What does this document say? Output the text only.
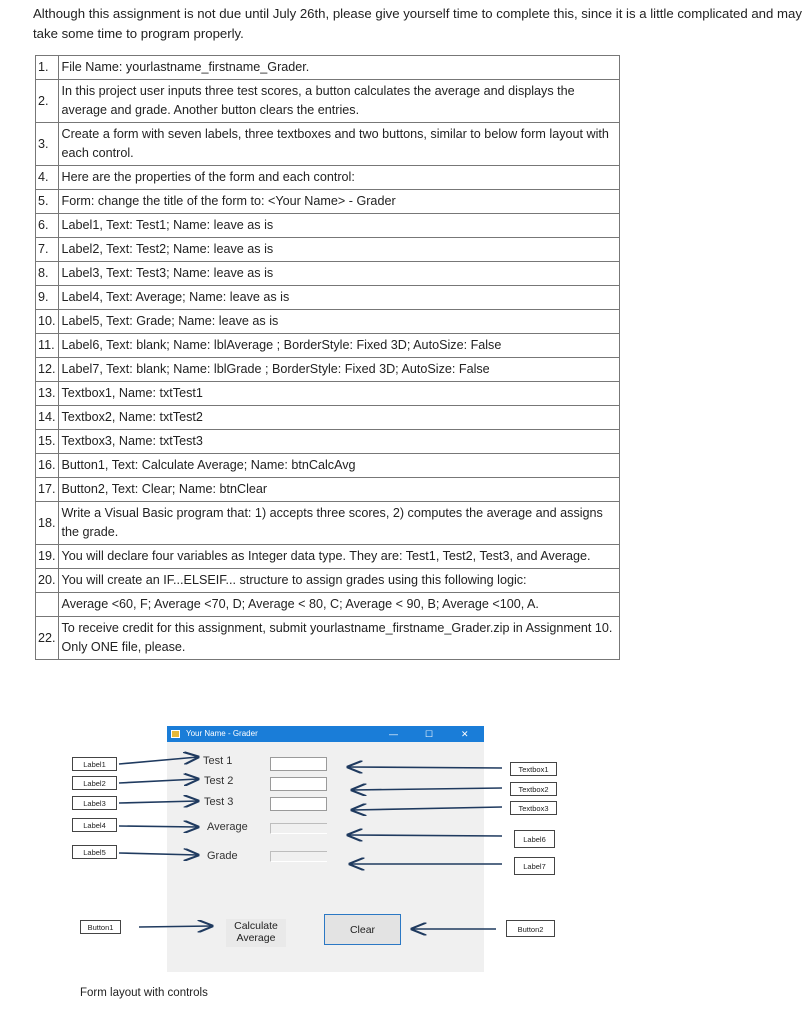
Although this assignment is not due until July 26th, please give yourself time to complete this, since it is a little complicated and may take some time to program properly.
1.	File Name: yourlastname_firstname_Grader.
2.	In this project user inputs three test scores, a button calculates the average and displays the average and grade. Another button clears the entries.
3.	Create a form with seven labels, three textboxes and two buttons, similar to below form layout with each control.
4.	Here are the properties of the form and each control:
5.	Form: change the title of the form to: <Your Name> - Grader
6.	Label1, Text: Test1; Name: leave as is
7.	Label2, Text: Test2; Name: leave as is
8.	Label3, Text: Test3; Name: leave as is
9.	Label4, Text: Average; Name: leave as is
10.	Label5, Text: Grade; Name: leave as is
11.	Label6, Text: blank; Name: lblAverage ; BorderStyle: Fixed 3D; AutoSize: False
12.	Label7, Text: blank; Name: lblGrade ; BorderStyle: Fixed 3D; AutoSize: False
13.	Textbox1, Name: txtTest1
14.	Textbox2, Name: txtTest2
15.	Textbox3, Name: txtTest3
16.	Button1, Text: Calculate Average; Name: btnCalcAvg
17.	Button2, Text: Clear; Name: btnClear
18.	Write a Visual Basic program that: 1) accepts three scores, 2) computes the average and assigns the grade.
19.	You will declare four variables as Integer data type. They are: Test1, Test2, Test3, and Average.
20.	You will create an IF...ELSEIF... structure to assign grades using this following logic:
	Average <60, F; Average <70, D; Average < 80, C; Average < 90, B; Average <100, A.
22.	To receive credit for this assignment, submit yourlastname_firstname_Grader.zip in Assignment 10. Only ONE file, please.
Your Name - Grader	—	☐	✕
Test 1
Test 2
Test 3
Average
Grade
Calculate Average
Clear
Label1
Label2
Label3
Label4
Label5
Button1
Textbox1
Textbox2
Textbox3
Label6
Label7
Button2
Form layout with controls
